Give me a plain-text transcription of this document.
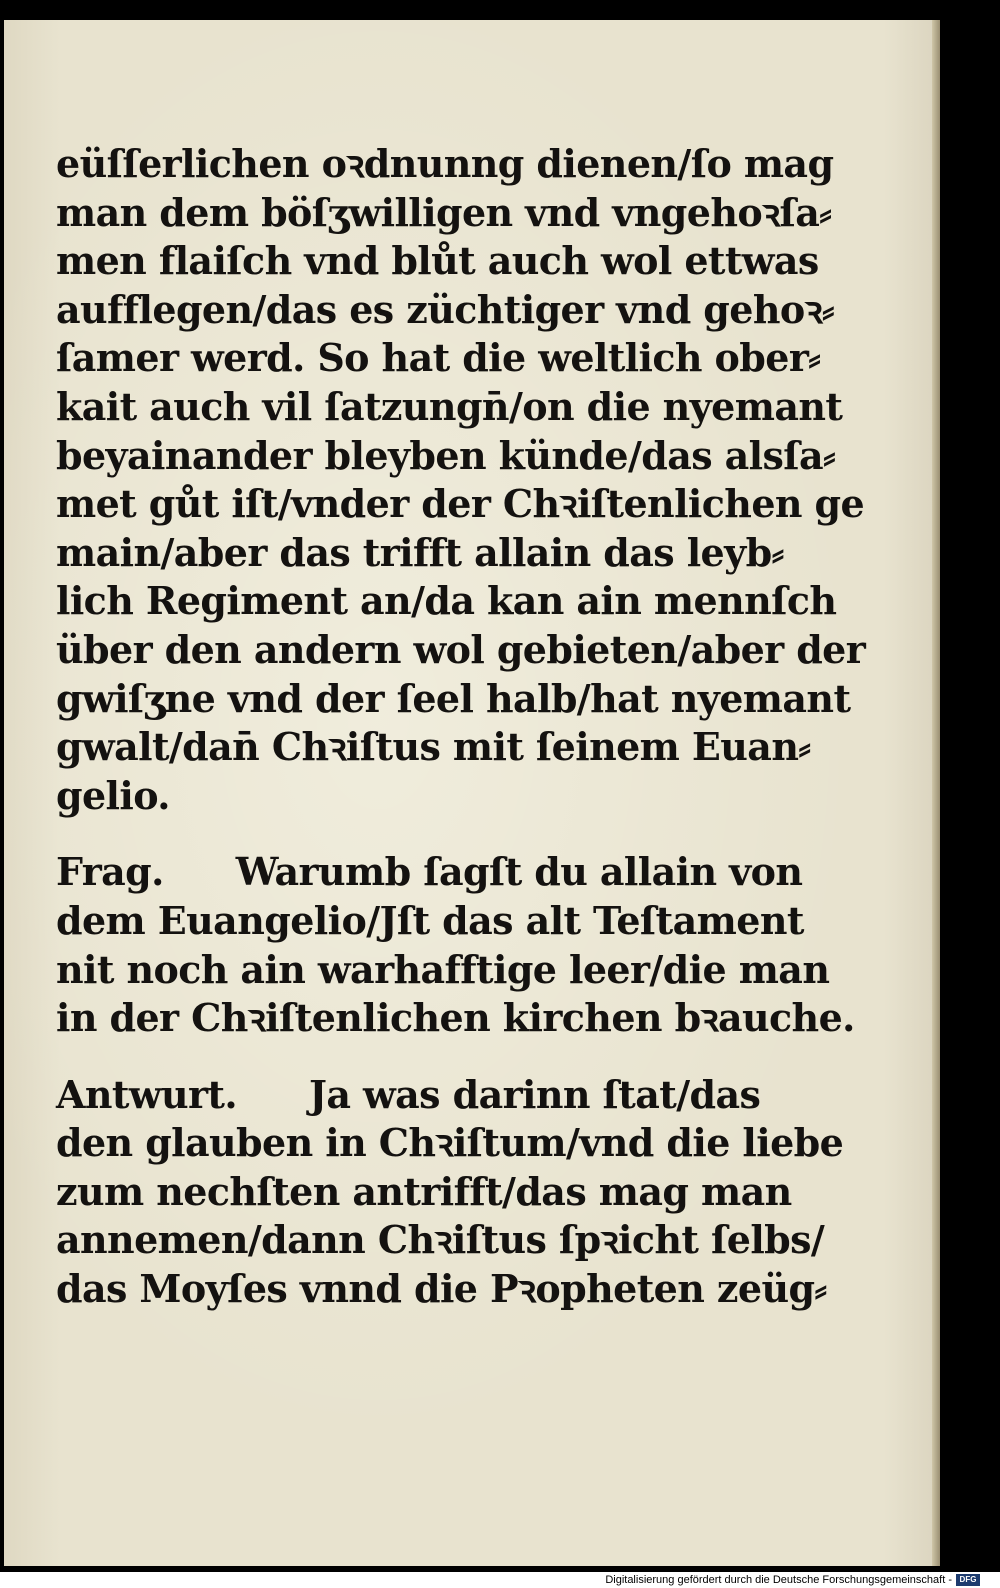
eüſſerlichen oꝛdnunng dienen/ſo mag
man dem böſʒwilligen vnd vngehoꝛſa⸗
men flaiſch vnd blůt auch wol ettwas
aufflegen/das es züchtiger vnd gehoꝛ⸗
ſamer werd. So hat die weltlich ober⸗
kait auch vil ſatzungn̄/on die nyemant
beyainander bleyben künde/das alsſa⸗
met gůt iſt/vnder der Chꝛiſtenlichen ge
main/aber das trifft allain das leyb⸗
lich Regiment an/da kan ain mennſch
über den andern wol gebieten/aber der
gwiſʒne vnd der ſeel halb/hat nyemant
gwalt/dan̄ Chꝛiſtus mit ſeinem Euan⸗
gelio.
Frag. Warumb ſagſt du allain von
dem Euangelio/Jſt das alt Teſtament
nit noch ain warhafftige leer/die man
in der Chꝛiſtenlichen kirchen bꝛauche.
Antwurt. Ja was darinn ſtat/das
den glauben in Chꝛiſtum/vnd die liebe
zum nechſten antrifft/das mag man
annemen/dann Chꝛiſtus ſpꝛicht ſelbs/
das Moyſes vnnd die Pꝛopheten zeüg⸗
Digitalisierung gefördert durch die Deutsche Forschungsgemeinschaft - DFG
